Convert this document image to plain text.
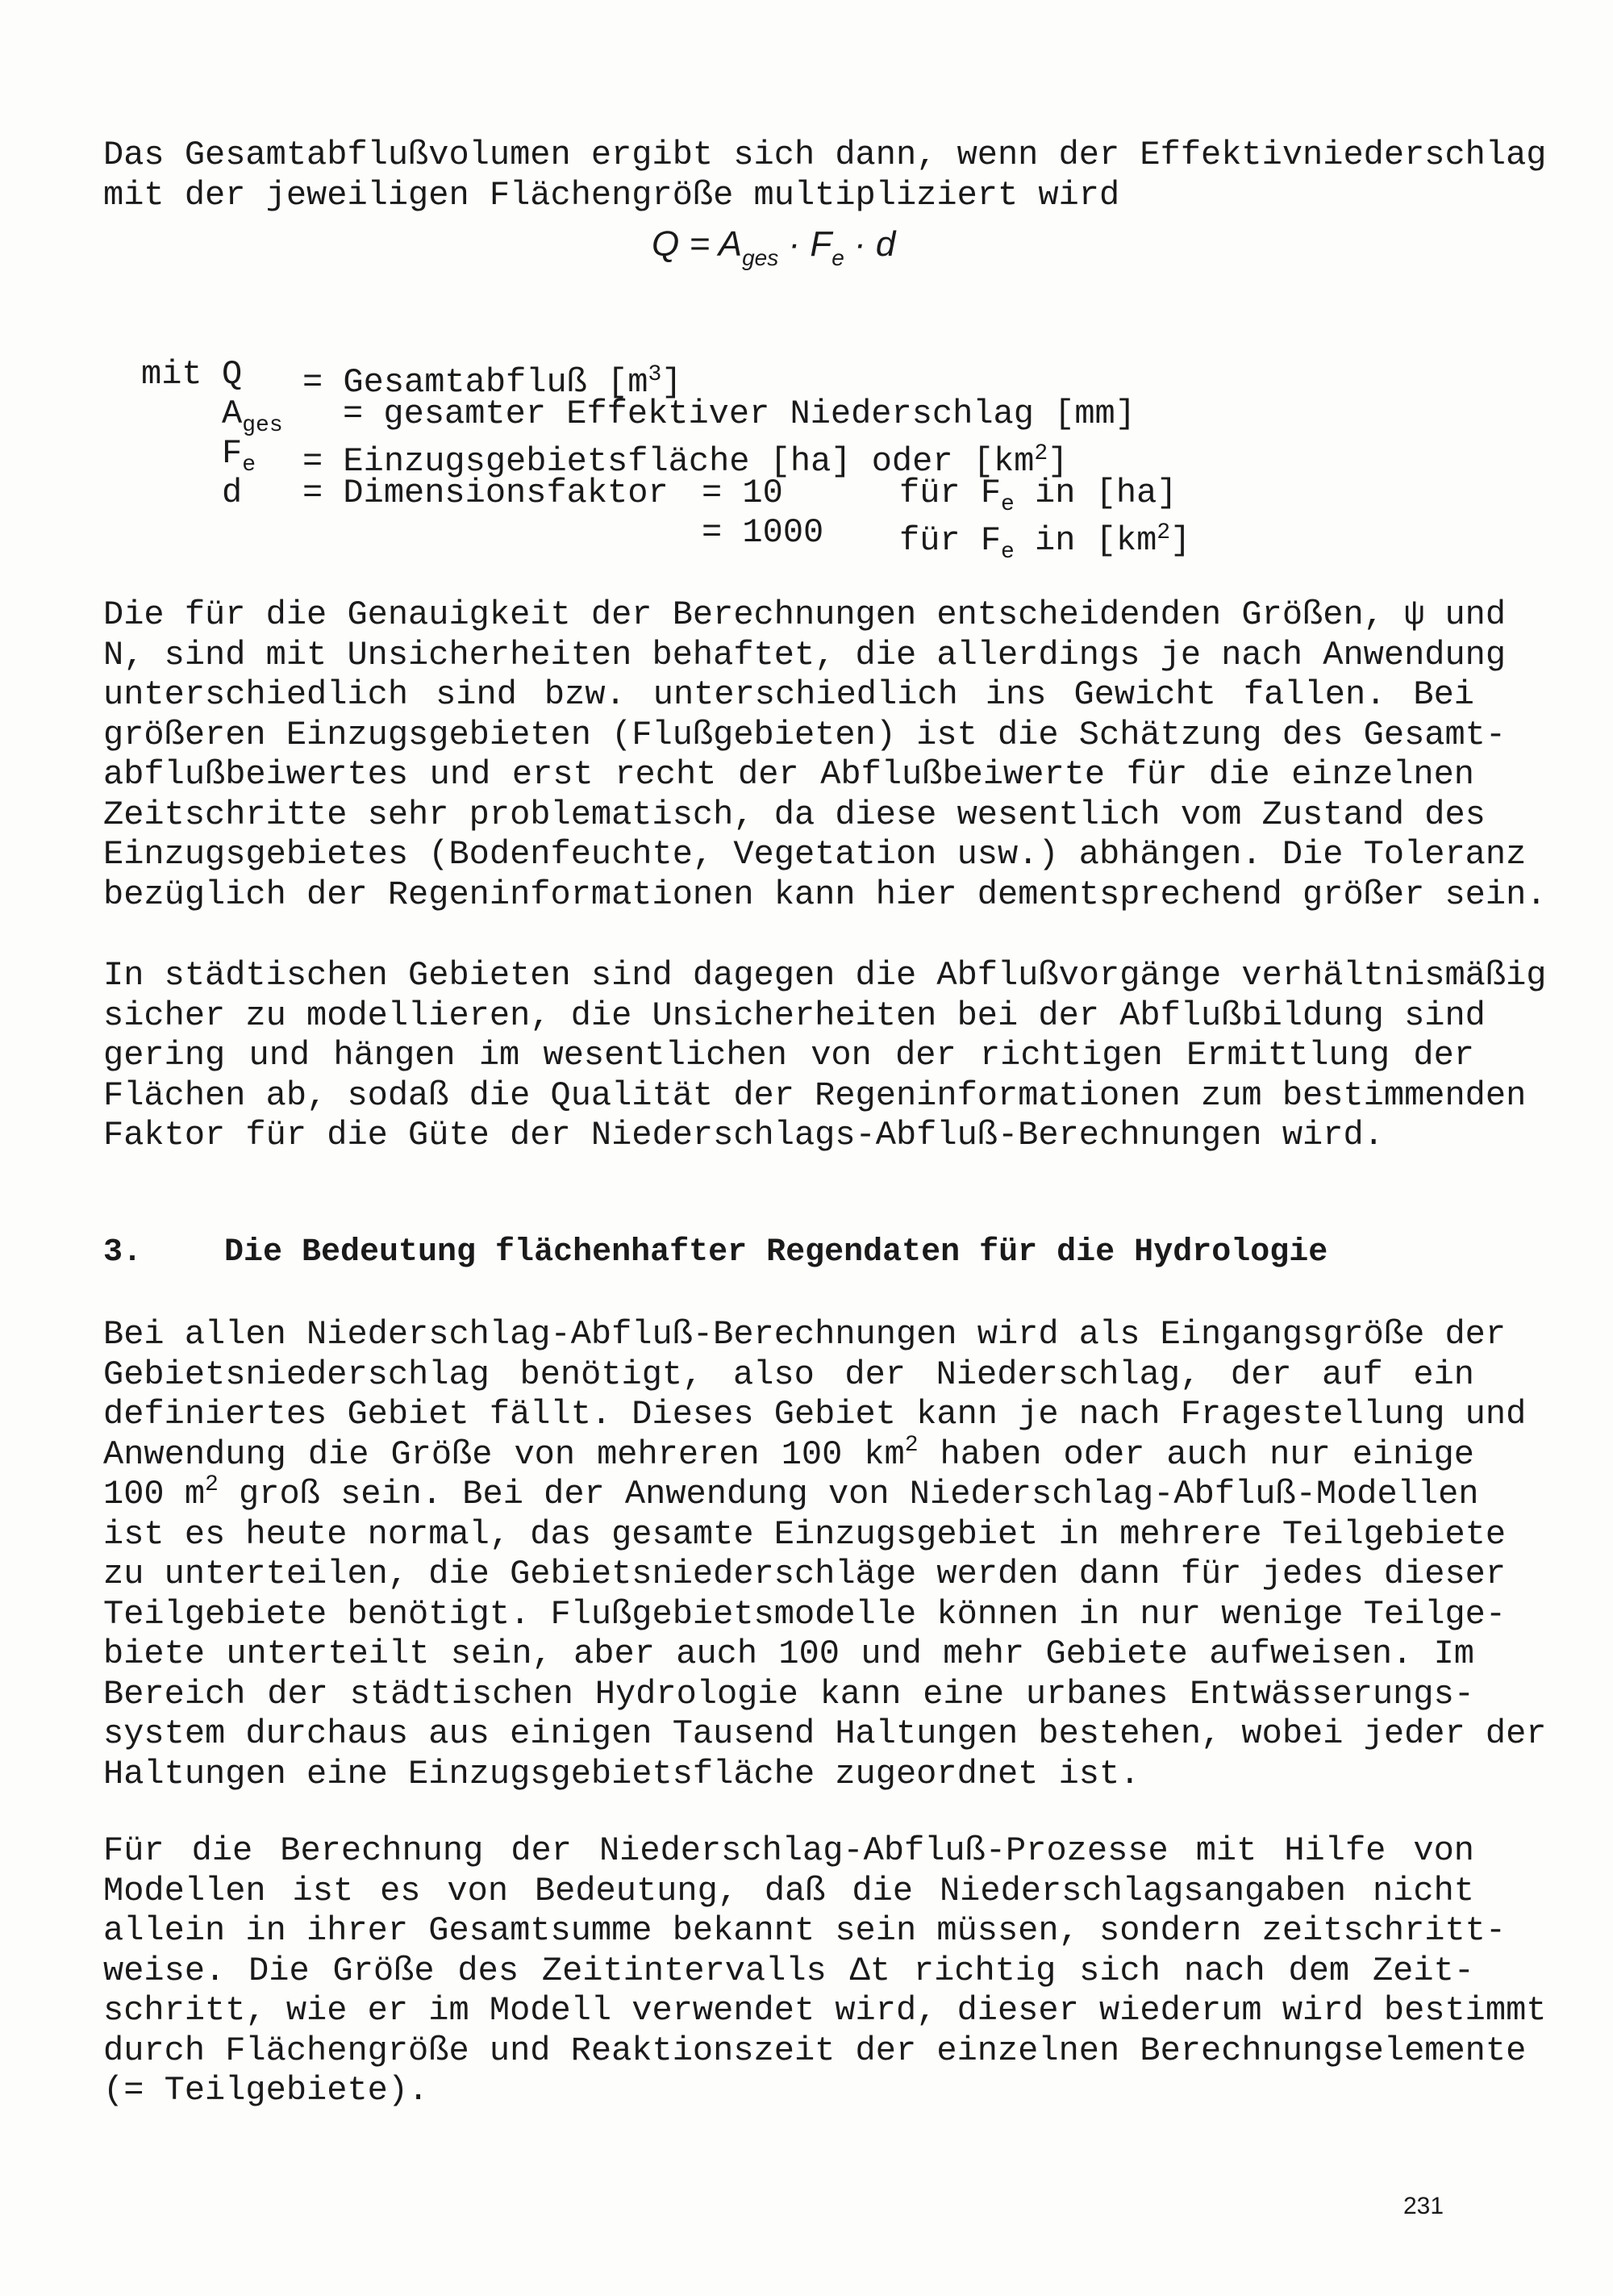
Das Gesamtabflußvolumen ergibt sich dann, wenn der Effektivniederschlag
mit der jeweiligen Flächengröße multipliziert wird
$Q = A_{ges} \cdot F_e \cdot d$
mit Q = Gesamtabfluß $[m^3]$
$A_{ges}$ = gesamter Effektiver Niederschlag [mm]
$F_e$ = Einzugsgebietsfläche [ha] oder $[km^2]$
d = Dimensionsfaktor = 10	für $F_e$ in [ha]
= 1000 für $F_e$ in $[km^2]$
Die für die Genauigkeit der Berechnungen entscheidenden Größen, ψ und
N, sind mit Unsicherheiten behaftet, die allerdings je nach Anwendung
unterschiedlich sind bzw. unterschiedlich ins Gewicht fallen. Bei
größeren Einzugsgebieten (Flußgebieten) ist die Schätzung des Gesamt-
abflußbeiwertes und erst recht der Abflußbeiwerte für die einzelnen
Zeitschritte sehr problematisch, da diese wesentlich vom Zustand des
Einzugsgebietes (Bodenfeuchte, Vegetation usw.) abhängen. Die Toleranz
bezüglich der Regeninformationen kann hier dementsprechend größer sein.
In städtischen Gebieten sind dagegen die Abflußvorgänge verhältnismäßig
sicher zu modellieren, die Unsicherheiten bei der Abflußbildung sind
gering und hängen im wesentlichen von der richtigen Ermittlung der
Flächen ab, sodaß die Qualität der Regeninformationen zum bestimmenden
Faktor für die Güte der Niederschlags-Abfluß-Berechnungen wird.
3.	Die Bedeutung flächenhafter Regendaten für die Hydrologie
Bei allen Niederschlag-Abfluß-Berechnungen wird als Eingangsgröße der
Gebietsniederschlag benötigt, also der Niederschlag, der auf ein
definiertes Gebiet fällt. Dieses Gebiet kann je nach Fragestellung und
Anwendung die Größe von mehreren 100 $km^2$ haben oder auch nur einige
100 $m^2$ groß sein. Bei der Anwendung von Niederschlag-Abfluß-Modellen
ist es heute normal, das gesamte Einzugsgebiet in mehrere Teilgebiete
zu unterteilen, die Gebietsniederschläge werden dann für jedes dieser
Teilgebiete benötigt. Flußgebietsmodelle können in nur wenige Teilge-
biete unterteilt sein, aber auch 100 und mehr Gebiete aufweisen. Im
Bereich der städtischen Hydrologie kann eine urbanes Entwässerungs-
system durchaus aus einigen Tausend Haltungen bestehen, wobei jeder der
Haltungen eine Einzugsgebietsfläche zugeordnet ist.
Für die Berechnung der Niederschlag-Abfluß-Prozesse mit Hilfe von
Modellen ist es von Bedeutung, daß die Niederschlagsangaben nicht
allein in ihrer Gesamtsumme bekannt sein müssen, sondern zeitschritt-
weise. Die Größe des Zeitintervalls Δt richtig sich nach dem Zeit-
schritt, wie er im Modell verwendet wird, dieser wiederum wird bestimmt
durch Flächengröße und Reaktionszeit der einzelnen Berechnungselemente
(= Teilgebiete).
231
